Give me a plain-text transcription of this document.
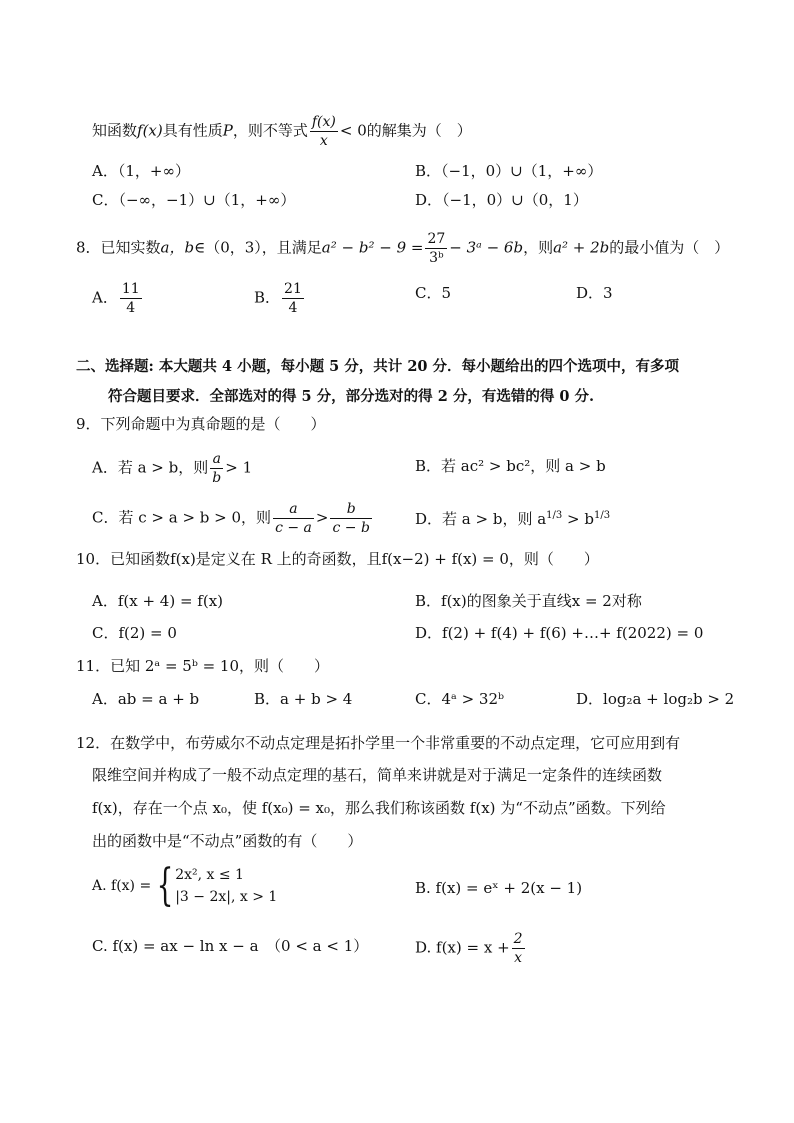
知函数f(x)具有性质P，则不等式 $\frac{f(x)}{x} < 0$的解集为（　）
A．（1，+∞）	B．（−1，0）∪（1，+∞）
C．（−∞，−1）∪（1，+∞）	D．（−1，0）∪（0，1）
8．已知实数a，b∈（0，3），且满足$a^2 - b^2 - 9 = \frac{27}{\text{3ᵇ}}$ − 3ᵃ − 6b，则a² + 2b的最小值为（　）
A． $\frac{11}{4}$	B． $\frac{21}{4}$	C．5	D．3
二、选择题: 本大题共 4 小题，每小题 5 分，共计 20 分．每小题给出的四个选项中，有多项
符合题目要求．全部选对的得 5 分，部分选对的得 2 分，有选错的得 0 分.
9．下列命题中为真命题的是（　　）
A．若 a > b，则 $\frac{a}{b} > 1$	B．若 ac² > bc²，则 a > b
C．若 c > a > b > 0，则 $\frac{a}{c - a} > \frac{b}{c - b}$	D．若 a > b，则 $a^{1/3} > b^{1/3}$
10．已知函数f(x)是定义在 R 上的奇函数，且f(x−2) + f(x) = 0，则（　　）
A．f(x + 4) = f(x)	B．f(x)的图象关于直线x = 2对称
C．f(2) = 0	D．f(2) + f(4) + f(6) +…+ f(2022) = 0
11．已知 2ᵃ = 5ᵇ = 10，则（　　）
A．ab = a + b	B．a + b > 4	C．4ᵃ > 32ᵇ	D．log₂a + log₂b > 2
12．在数学中，布劳威尔不动点定理是拓扑学里一个非常重要的不动点定理，它可应用到有
限维空间并构成了一般不动点定理的基石，简单来讲就是对于满足一定条件的连续函数
f(x)，存在一个点 x₀，使 f(x₀) = x₀，那么我们称该函数 f(x) 为“不动点”函数。下列给
出的函数中是“不动点”函数的有（　　）
A. f(x) = { 2x², x ≤ 1
|3 − 2x|, x > 1	B. f(x) = eˣ + 2(x − 1)
C. f(x) = ax − ln x − a　（0 < a < 1）	D. $f(x) = x + \frac{2}{x}$
